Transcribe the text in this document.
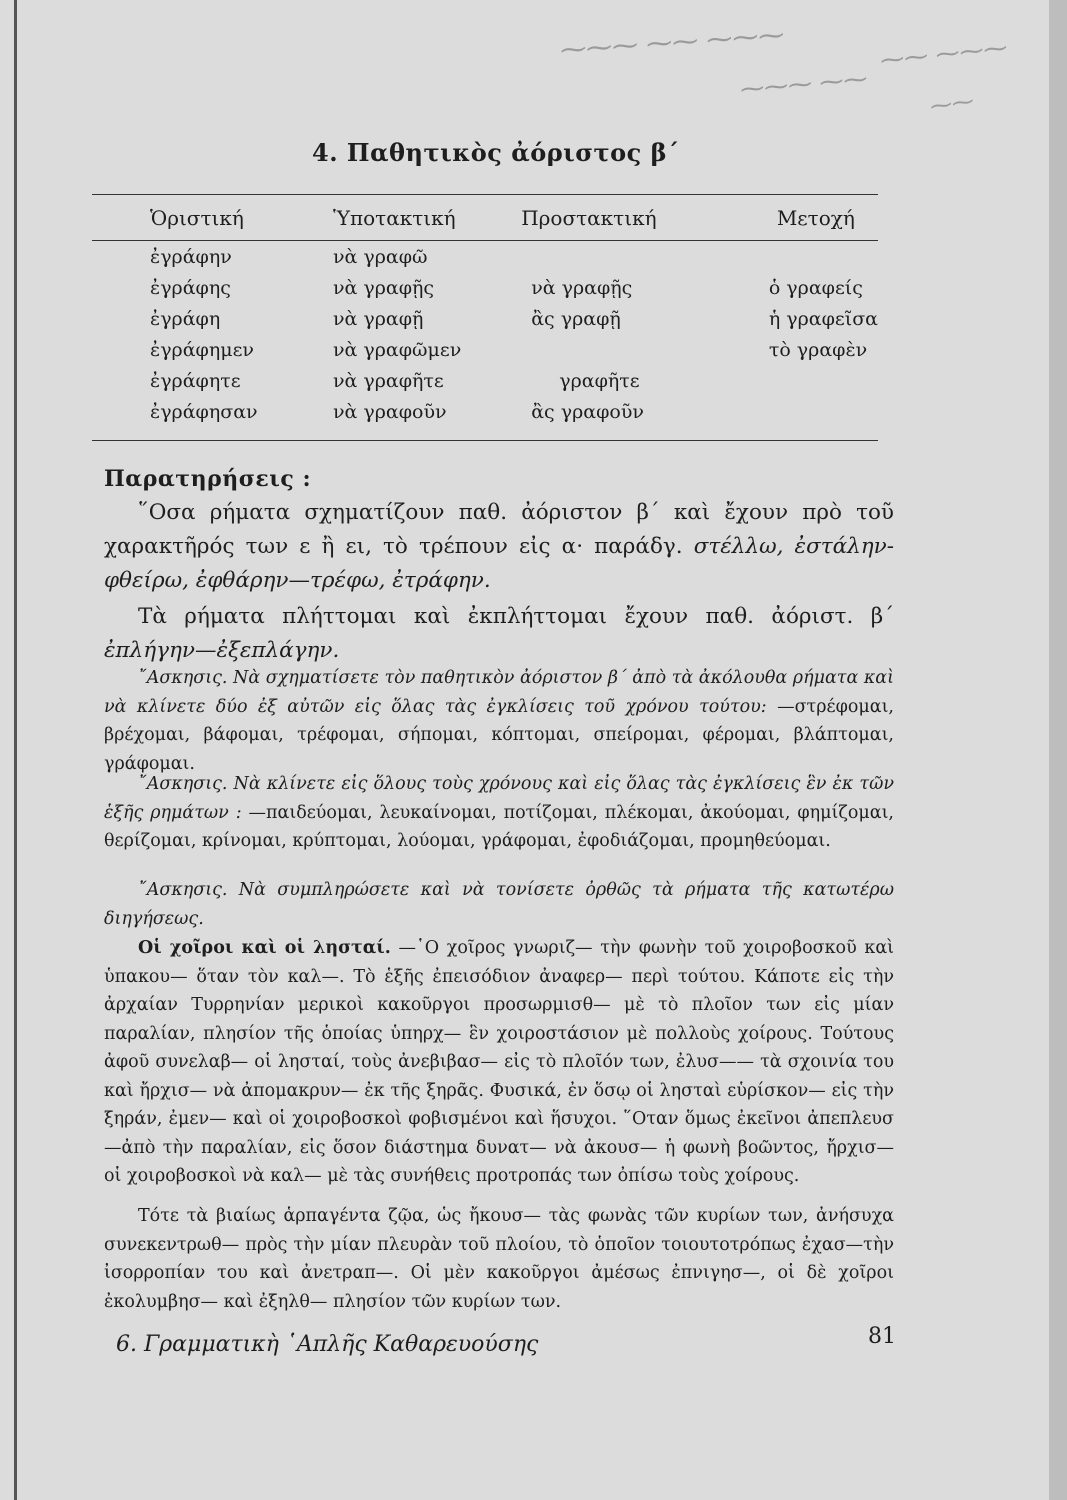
⁓⁓⁓ ⁓⁓ ⁓⁓⁓	⁓⁓ ⁓⁓⁓
⁓⁓⁓ ⁓⁓
⁓⁓
4. Παθητικὸς ἀόριστος β΄
Ὁριστική	Ὑποτακτική	Προστακτική	Μετοχή
ἐγράφην	νὰ γραφῶ		
ἐγράφης	νὰ γραφῇς	νὰ γραφῇς	ὁ γραφείς
ἐγράφη	νὰ γραφῇ	ἂς γραφῇ	ἡ γραφεῖσα
ἐγράφημεν	νὰ γραφῶμεν		τὸ γραφὲν
ἐγράφητε	νὰ γραφῆτε	γραφῆτε	
ἐγράφησαν	νὰ γραφοῦν	ἂς γραφοῦν	
Παρατηρήσεις :
῞Οσα ρήματα σχηματίζουν παθ. ἀόριστον β΄ καὶ ἔχουν πρὸ τοῦ χαρακτῆρός των ε ἢ ει, τὸ τρέπουν εἰς α· παράδγ. στέλλω, ἐστάλην- φθείρω, ἐφθάρην—τρέφω, ἐτράφην.
Τὰ ρήματα πλήττομαι καὶ ἐκπλήττομαι ἔχουν παθ. ἀόριστ. β΄ ἐπλήγην—ἐξεπλάγην.
῎Ασκησις. Νὰ σχηματίσετε τὸν παθητικὸν ἀόριστον β΄ ἀπὸ τὰ ἀκόλουθα ρήματα καὶ νὰ κλίνετε δύο ἐξ αὐτῶν εἰς ὅλας τὰς ἐγκλίσεις τοῦ χρόνου τούτου: —στρέφομαι, βρέχομαι, βάφομαι, τρέφομαι, σήπομαι, κόπτομαι, σπείρομαι, φέρομαι, βλάπτομαι, γράφομαι.
῎Ασκησις. Νὰ κλίνετε εἰς ὅλους τοὺς χρόνους καὶ εἰς ὅλας τὰς ἐγκλίσεις ἓν ἐκ τῶν ἑξῆς ρημάτων : —παιδεύομαι, λευκαίνομαι, ποτίζομαι, πλέκομαι, ἀκούομαι, φημίζομαι, θερίζομαι, κρίνομαι, κρύπτομαι, λούομαι, γράφομαι, ἐφοδιάζομαι, προμηθεύομαι.
῎Ασκησις. Νὰ συμπληρώσετε καὶ νὰ τονίσετε ὀρθῶς τὰ ρήματα τῆς κατωτέρω διηγήσεως.
Οἱ χοῖροι καὶ οἱ λησταί. —῾Ο χοῖρος γνωριζ— τὴν φωνὴν τοῦ χοιροβοσκοῦ καὶ ὑπακου— ὅταν τὸν καλ—. Τὸ ἑξῆς ἐπεισόδιον ἀναφερ— περὶ τούτου. Κάποτε εἰς τὴν ἀρχαίαν Τυρρηνίαν μερικοὶ κακοῦργοι προσωρμισθ— μὲ τὸ πλοῖον των εἰς μίαν παραλίαν, πλησίον τῆς ὁποίας ὑπηρχ— ἓν χοιροστάσιον μὲ πολλοὺς χοίρους. Τούτους ἀφοῦ συνελαβ— οἱ λησταί, τοὺς ἀνεβιβασ— εἰς τὸ πλοῖόν των, ἐλυσ—— τὰ σχοινία του καὶ ἤρχισ— νὰ ἀπομακρυν— ἐκ τῆς ξηρᾶς. Φυσικά, ἐν ὅσῳ οἱ λησταὶ εὑρίσκον— εἰς τὴν ξηράν, ἐμεν— καὶ οἱ χοιροβοσκοὶ φοβισμένοι καὶ ἥσυχοι. ῞Οταν ὅμως ἐκεῖνοι ἀπεπλευσ—ἀπὸ τὴν παραλίαν, εἰς ὅσον διάστημα δυνατ— νὰ ἀκουσ— ἡ φωνὴ βοῶντος, ἤρχισ— οἱ χοιροβοσκοὶ νὰ καλ— μὲ τὰς συνήθεις προτροπάς των ὀπίσω τοὺς χοίρους.
Τότε τὰ βιαίως ἁρπαγέντα ζῷα, ὡς ἤκουσ— τὰς φωνὰς τῶν κυρίων των, ἀνήσυχα συνεκεντρωθ— πρὸς τὴν μίαν πλευρὰν τοῦ πλοίου, τὸ ὁποῖον τοιουτοτρόπως ἐχασ—τὴν ἰσορροπίαν του καὶ ἀνετραπ—. Οἱ μὲν κακοῦργοι ἀμέσως ἐπνιγησ—, οἱ δὲ χοῖροι ἐκολυμβησ— καὶ ἐξηλθ— πλησίον τῶν κυρίων των.
6. Γραμματικὴ ῾Απλῆς Καθαρευούσης	81
